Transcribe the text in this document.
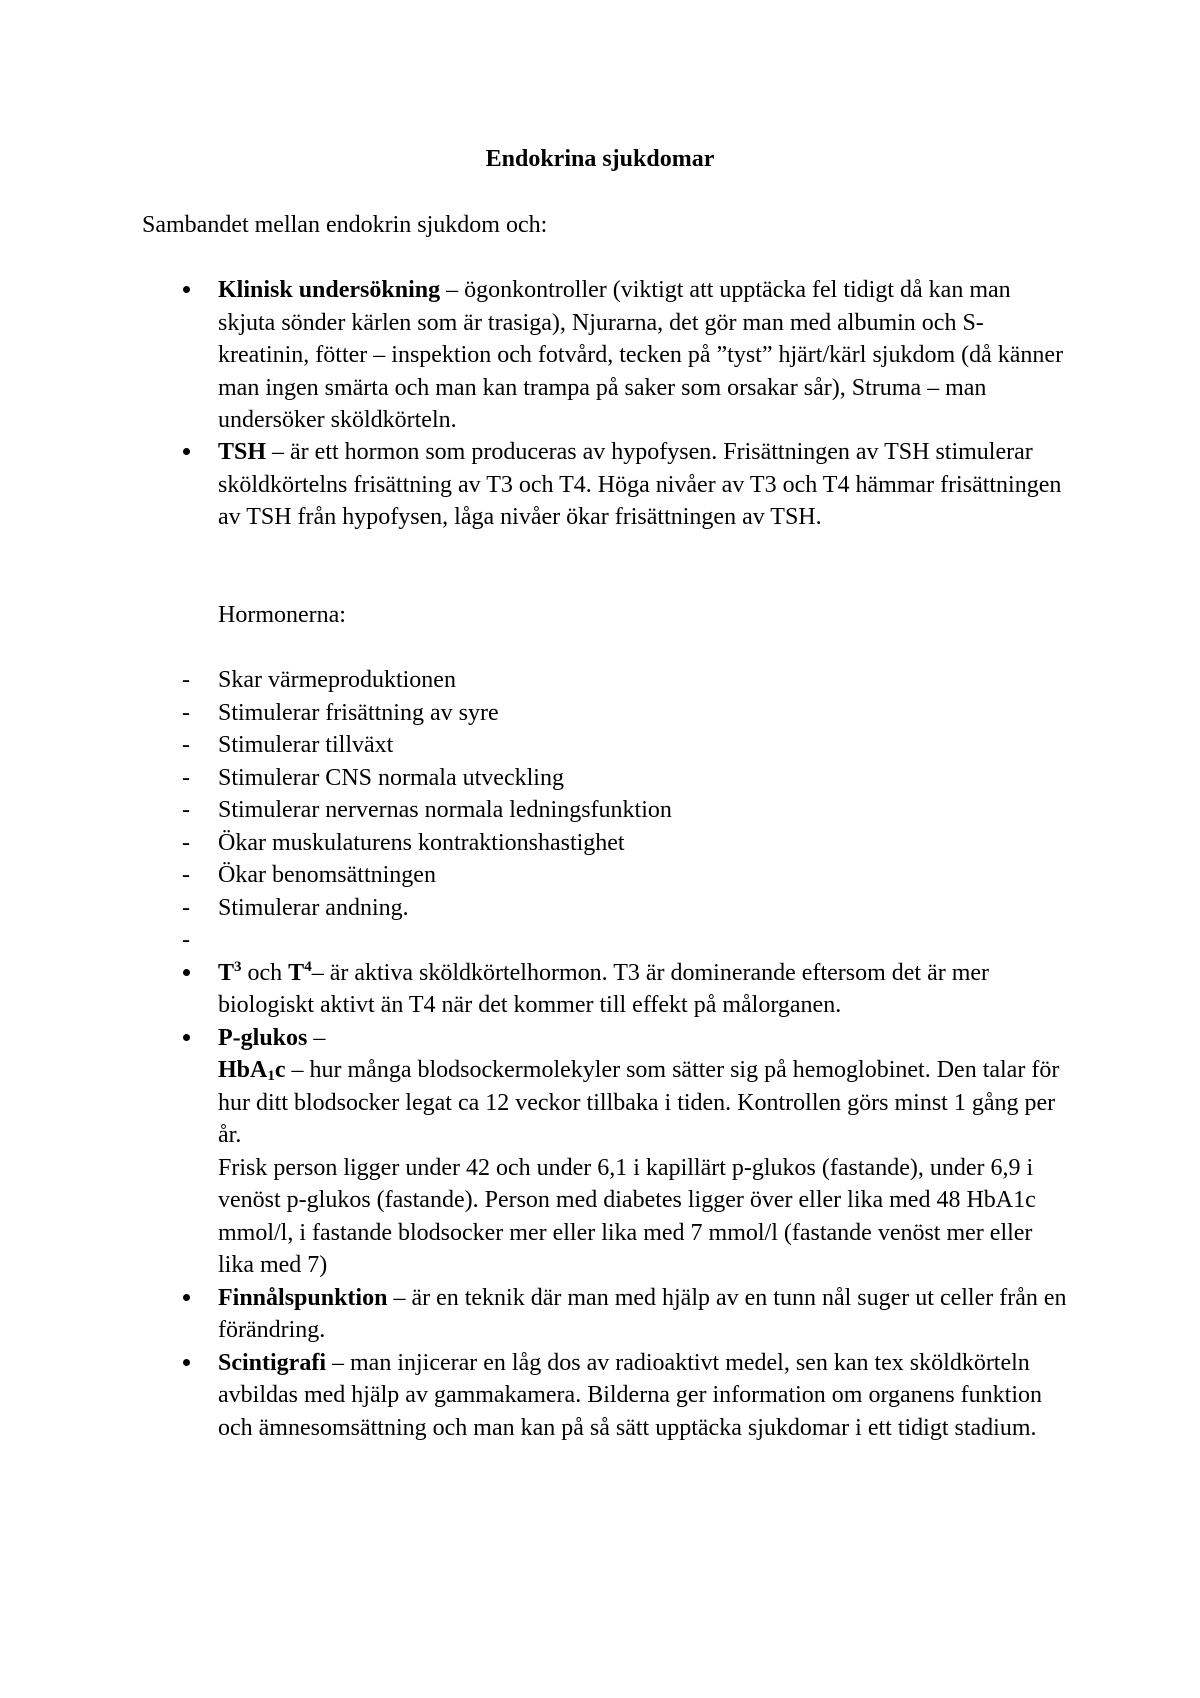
Endokrina sjukdomar
Sambandet mellan endokrin sjukdom och:
Klinisk undersökning – ögonkontroller (viktigt att upptäcka fel tidigt då kan man skjuta sönder kärlen som är trasiga), Njurarna, det gör man med albumin och S-kreatinin, fötter – inspektion och fotvård, tecken på ”tyst” hjärt/kärl sjukdom (då känner man ingen smärta och man kan trampa på saker som orsakar sår), Struma – man undersöker sköldkörteln.
TSH – är ett hormon som produceras av hypofysen. Frisättningen av TSH stimulerar sköldkörtelns frisättning av T3 och T4. Höga nivåer av T3 och T4 hämmar frisättningen av TSH från hypofysen, låga nivåer ökar frisättningen av TSH.
Hormonerna:
- Skar värmeproduktionen
- Stimulerar frisättning av syre
- Stimulerar tillväxt
- Stimulerar CNS normala utveckling
- Stimulerar nervernas normala ledningsfunktion
- Ökar muskulaturens kontraktionshastighet
- Ökar benomsättningen
- Stimulerar andning.
-
$T^3$ och $T^4-$ är aktiva sköldkörtelhormon. T3 är dominerande eftersom det är mer biologiskt aktivt än T4 när det kommer till effekt på målorganen.
P-glukos –
HbA$_1$c – hur många blodsockermolekyler som sätter sig på hemoglobinet. Den talar för hur ditt blodsocker legat ca 12 veckor tillbaka i tiden. Kontrollen görs minst 1 gång per år.
Frisk person ligger under 42 och under 6,1 i kapillärt p-glukos (fastande), under 6,9 i venöst p-glukos (fastande). Person med diabetes ligger över eller lika med 48 HbA1c mmol/l, i fastande blodsocker mer eller lika med 7 mmol/l (fastande venöst mer eller lika med 7)
Finnålspunktion – är en teknik där man med hjälp av en tunn nål suger ut celler från en förändring.
Scintigrafi – man injicerar en låg dos av radioaktivt medel, sen kan tex sköldkörteln avbildas med hjälp av gammakamera. Bilderna ger information om organens funktion och ämnesomsättning och man kan på så sätt upptäcka sjukdomar i ett tidigt stadium.
